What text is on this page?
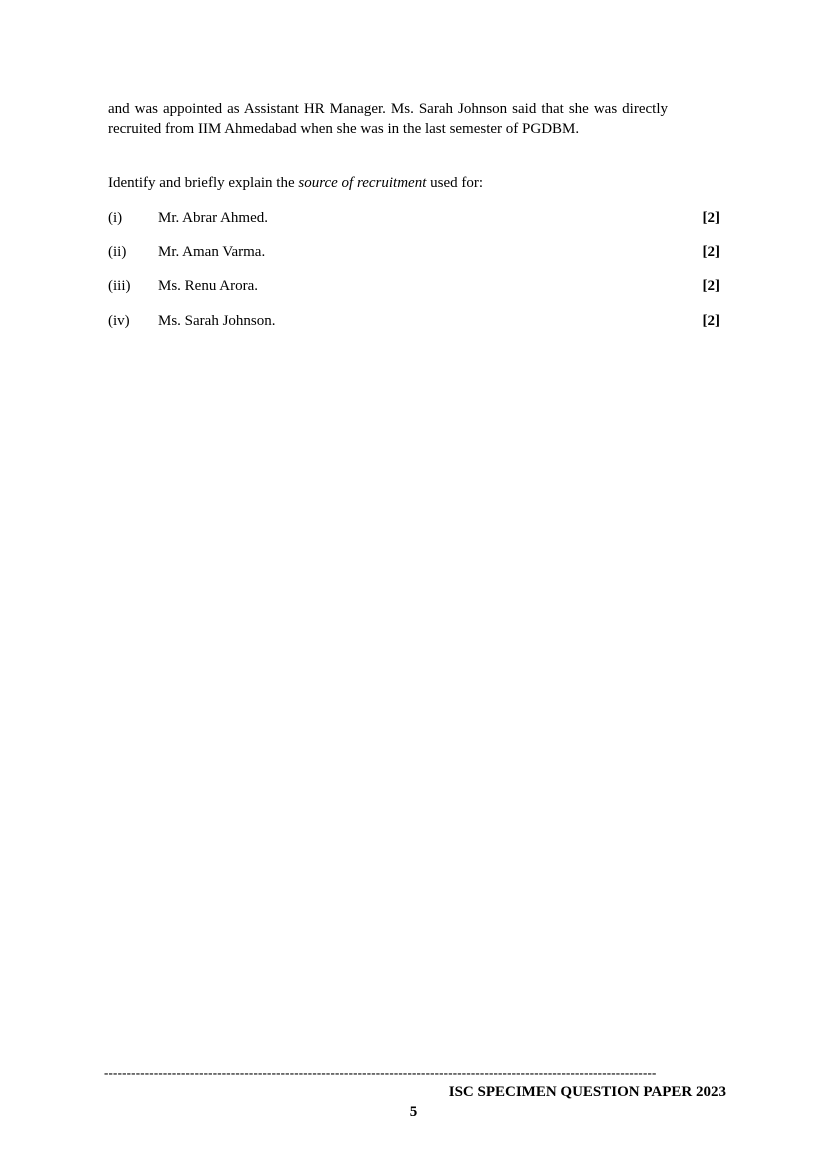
and was appointed as Assistant HR Manager. Ms. Sarah Johnson said that she was directly recruited from IIM Ahmedabad when she was in the last semester of PGDBM.

Identify and briefly explain the source of recruitment used for:

(i) Mr. Abrar Ahmed.	[2]
(ii) Mr. Aman Varma.	[2]
(iii) Ms. Renu Arora.	[2]
(iv) Ms. Sarah Johnson.	[2]
--------------------------------------------------------------------------------------------------------------------------
ISC SPECIMEN QUESTION PAPER 2023
5
